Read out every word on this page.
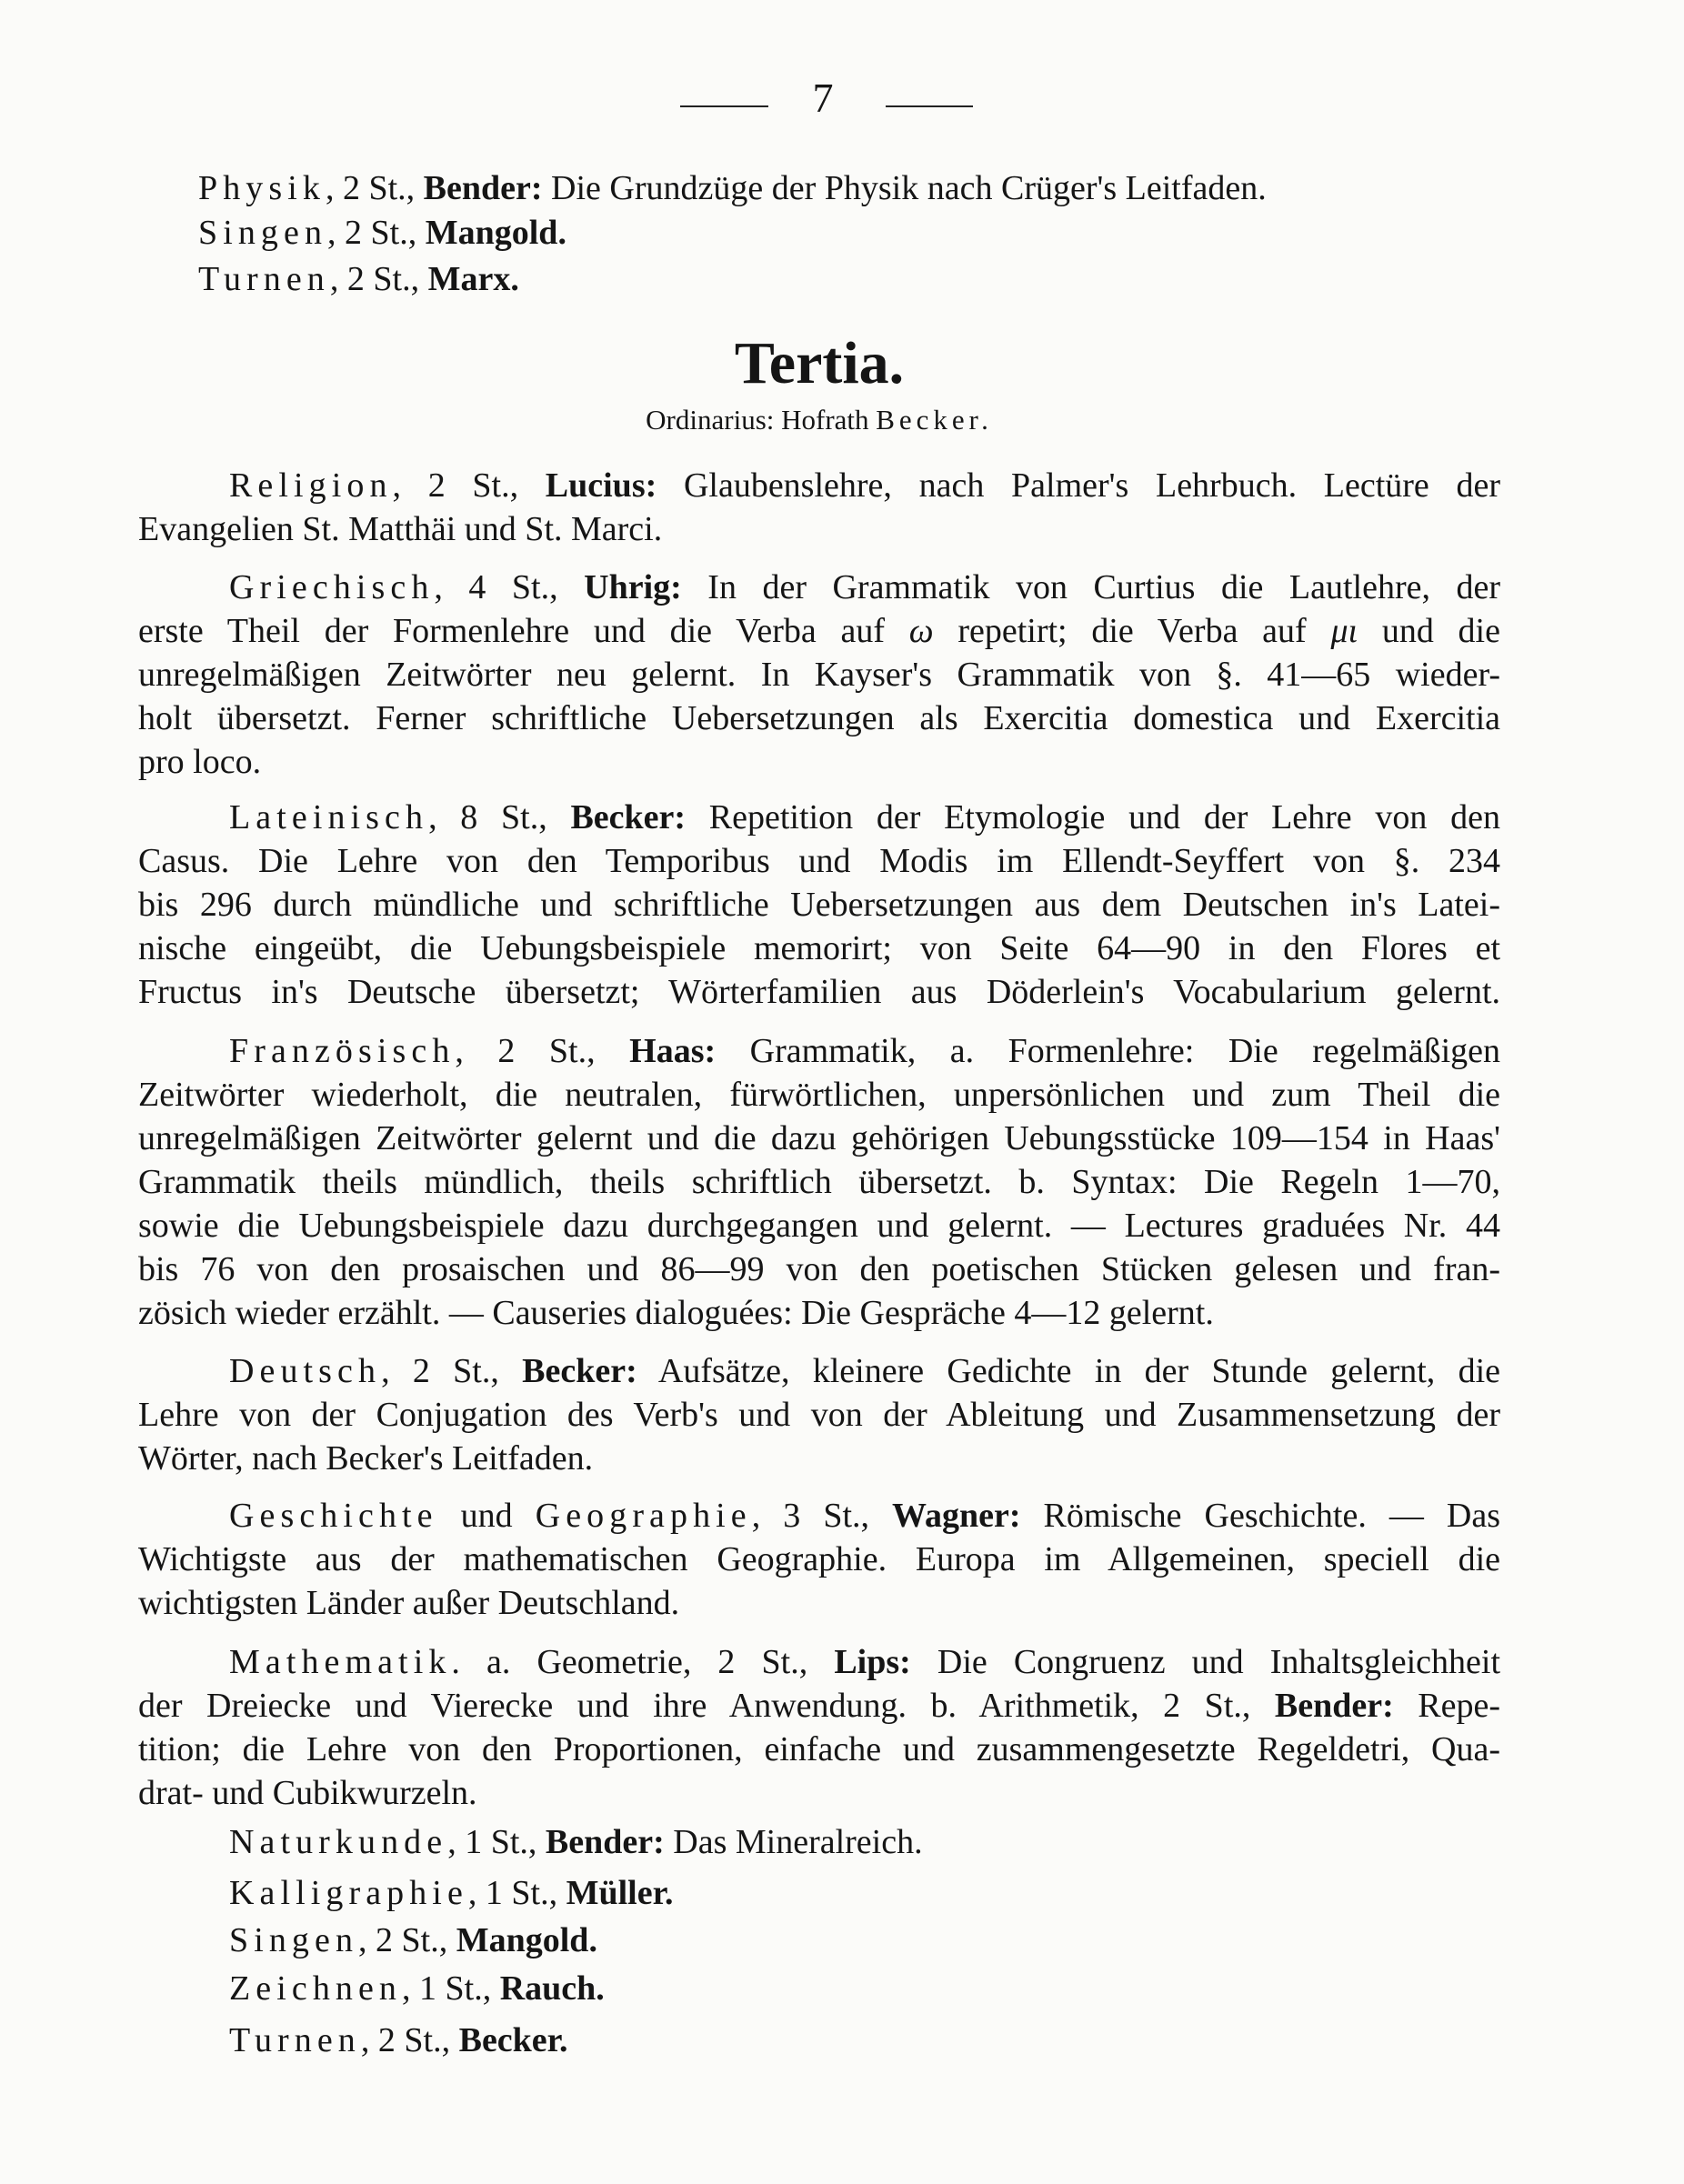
7
Physik, 2 St., Bender: Die Grundzüge der Physik nach Crüger's Leitfaden.
Singen, 2 St., Mangold.
Turnen, 2 St., Marx.
Tertia.
Ordinarius: Hofrath Becker.
Religion, 2 St., Lucius: Glaubenslehre, nach Palmer's Lehrbuch. Lectüre der
Evangelien St. Matthäi und St. Marci.
Griechisch, 4 St., Uhrig: In der Grammatik von Curtius die Lautlehre, der
erste Theil der Formenlehre und die Verba auf ω repetirt; die Verba auf μι und die
unregelmäßigen Zeitwörter neu gelernt. In Kayser's Grammatik von §. 41—65 wieder-
holt übersetzt. Ferner schriftliche Uebersetzungen als Exercitia domestica und Exercitia
pro loco.
Lateinisch, 8 St., Becker: Repetition der Etymologie und der Lehre von den
Casus. Die Lehre von den Temporibus und Modis im Ellendt-Seyffert von §. 234
bis 296 durch mündliche und schriftliche Uebersetzungen aus dem Deutschen in's Latei-
nische eingeübt, die Uebungsbeispiele memorirt; von Seite 64—90 in den Flores et
Fructus in's Deutsche übersetzt; Wörterfamilien aus Döderlein's Vocabularium gelernt.
Französisch, 2 St., Haas: Grammatik, a. Formenlehre: Die regelmäßigen
Zeitwörter wiederholt, die neutralen, fürwörtlichen, unpersönlichen und zum Theil die
unregelmäßigen Zeitwörter gelernt und die dazu gehörigen Uebungsstücke 109—154 in Haas'
Grammatik theils mündlich, theils schriftlich übersetzt. b. Syntax: Die Regeln 1—70,
sowie die Uebungsbeispiele dazu durchgegangen und gelernt. — Lectures graduées Nr. 44
bis 76 von den prosaischen und 86—99 von den poetischen Stücken gelesen und fran-
zösich wieder erzählt. — Causeries dialoguées: Die Gespräche 4—12 gelernt.
Deutsch, 2 St., Becker: Aufsätze, kleinere Gedichte in der Stunde gelernt, die
Lehre von der Conjugation des Verb's und von der Ableitung und Zusammensetzung der
Wörter, nach Becker's Leitfaden.
Geschichte und Geographie, 3 St., Wagner: Römische Geschichte. — Das
Wichtigste aus der mathematischen Geographie. Europa im Allgemeinen, speciell die
wichtigsten Länder außer Deutschland.
Mathematik. a. Geometrie, 2 St., Lips: Die Congruenz und Inhaltsgleichheit
der Dreiecke und Vierecke und ihre Anwendung. b. Arithmetik, 2 St., Bender: Repe-
tition; die Lehre von den Proportionen, einfache und zusammengesetzte Regeldetri, Qua-
drat- und Cubikwurzeln.
Naturkunde, 1 St., Bender: Das Mineralreich.
Kalligraphie, 1 St., Müller.
Singen, 2 St., Mangold.
Zeichnen, 1 St., Rauch.
Turnen, 2 St., Becker.
